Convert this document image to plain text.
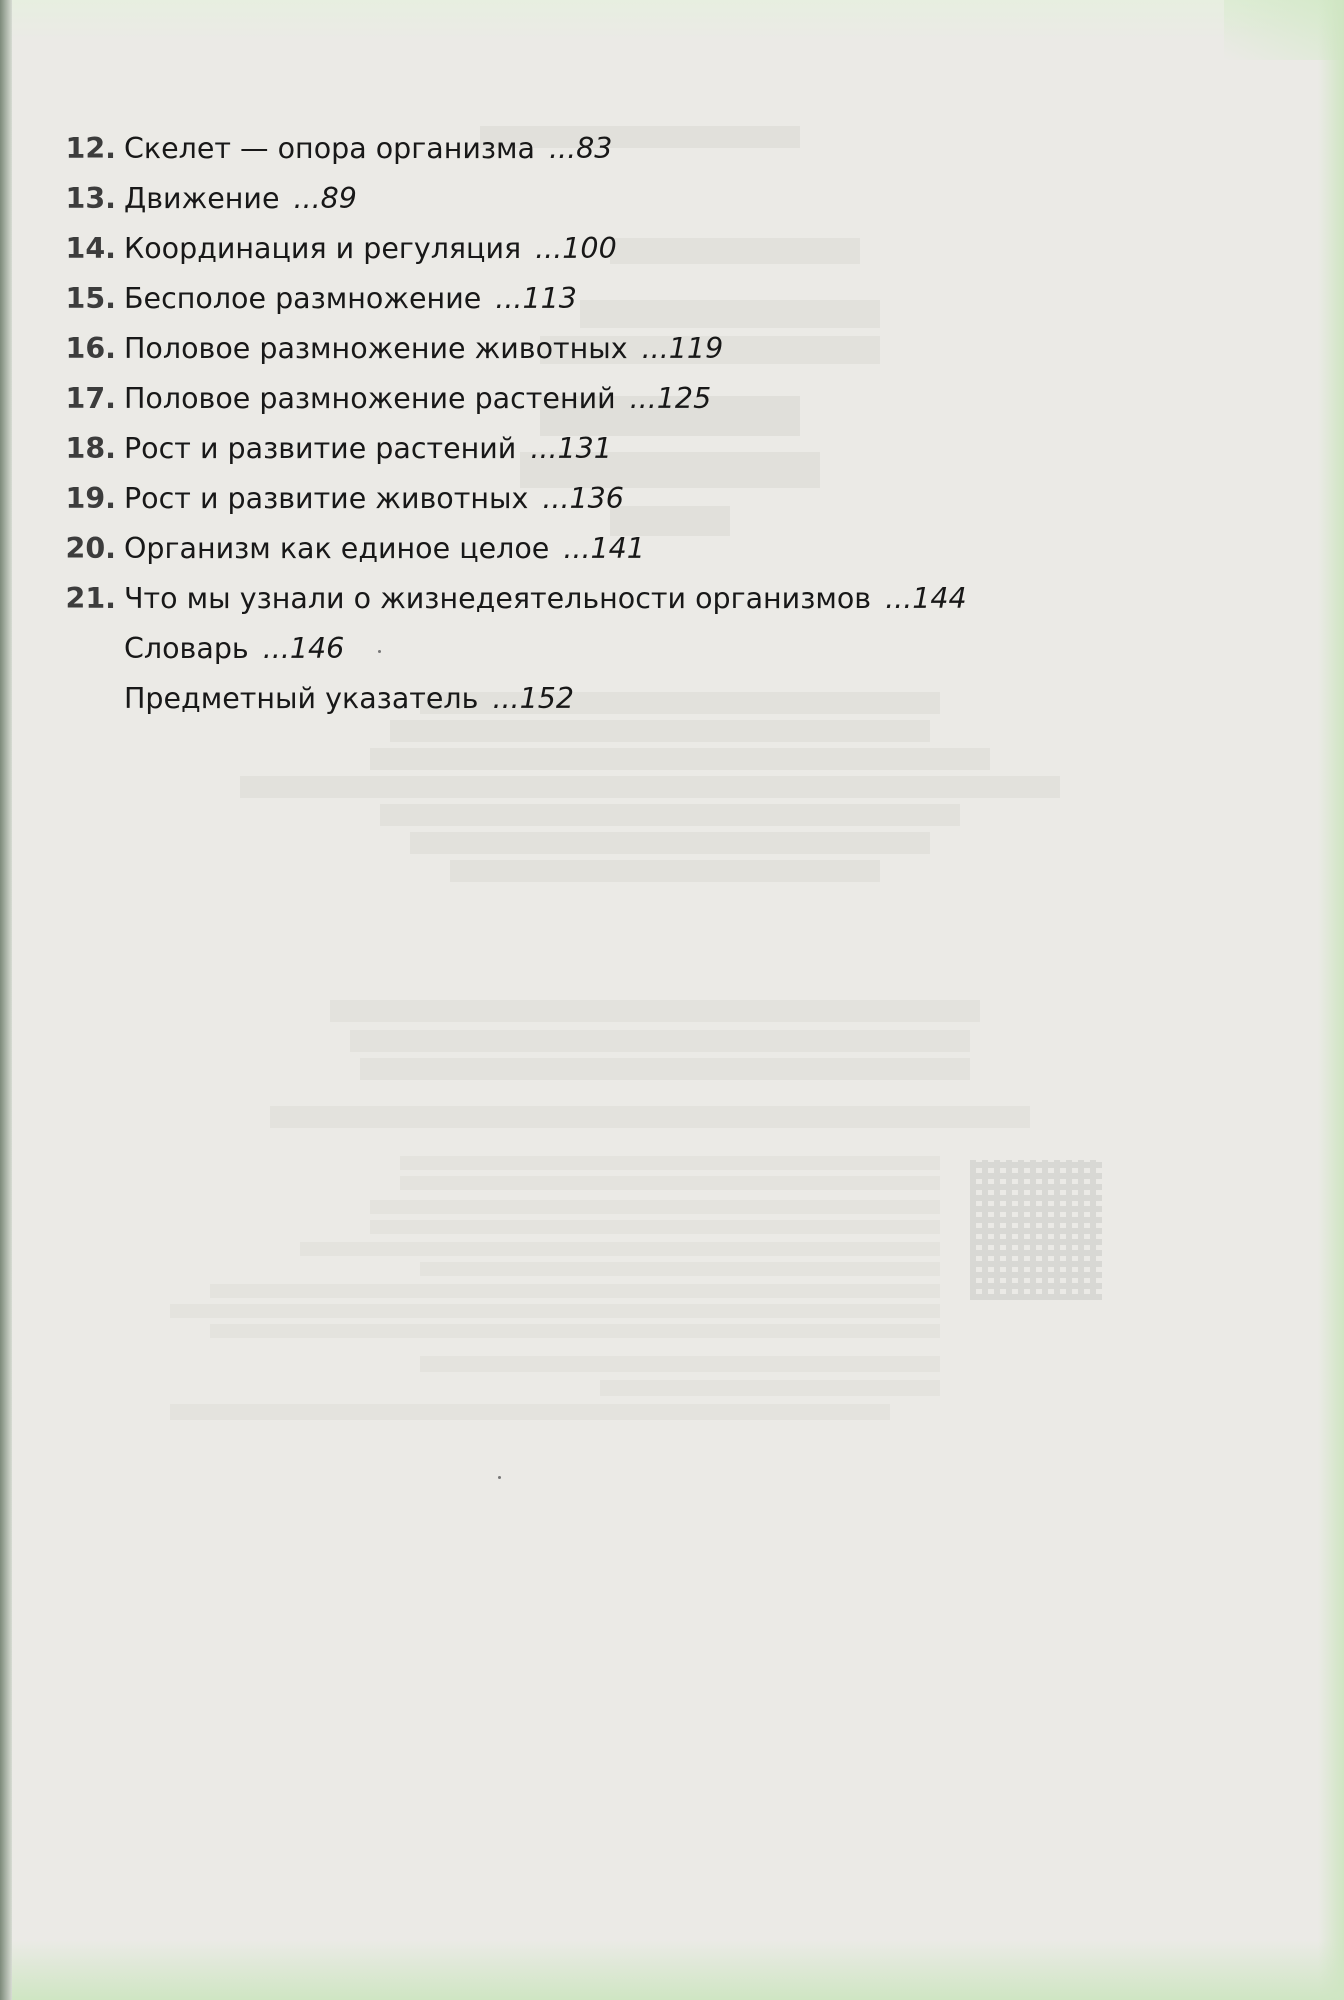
12. Скелет — опора организма ...83
13. Движение ...89
14. Координация и регуляция ...100
15. Бесполое размножение ...113
16. Половое размножение животных ...119
17. Половое размножение растений ...125
18. Рост и развитие растений ...131
19. Рост и развитие животных ...136
20. Организм как единое целое ...141
21. Что мы узнали о жизнедеятельности организмов ...144
Словарь ...146
Предметный указатель ...152
